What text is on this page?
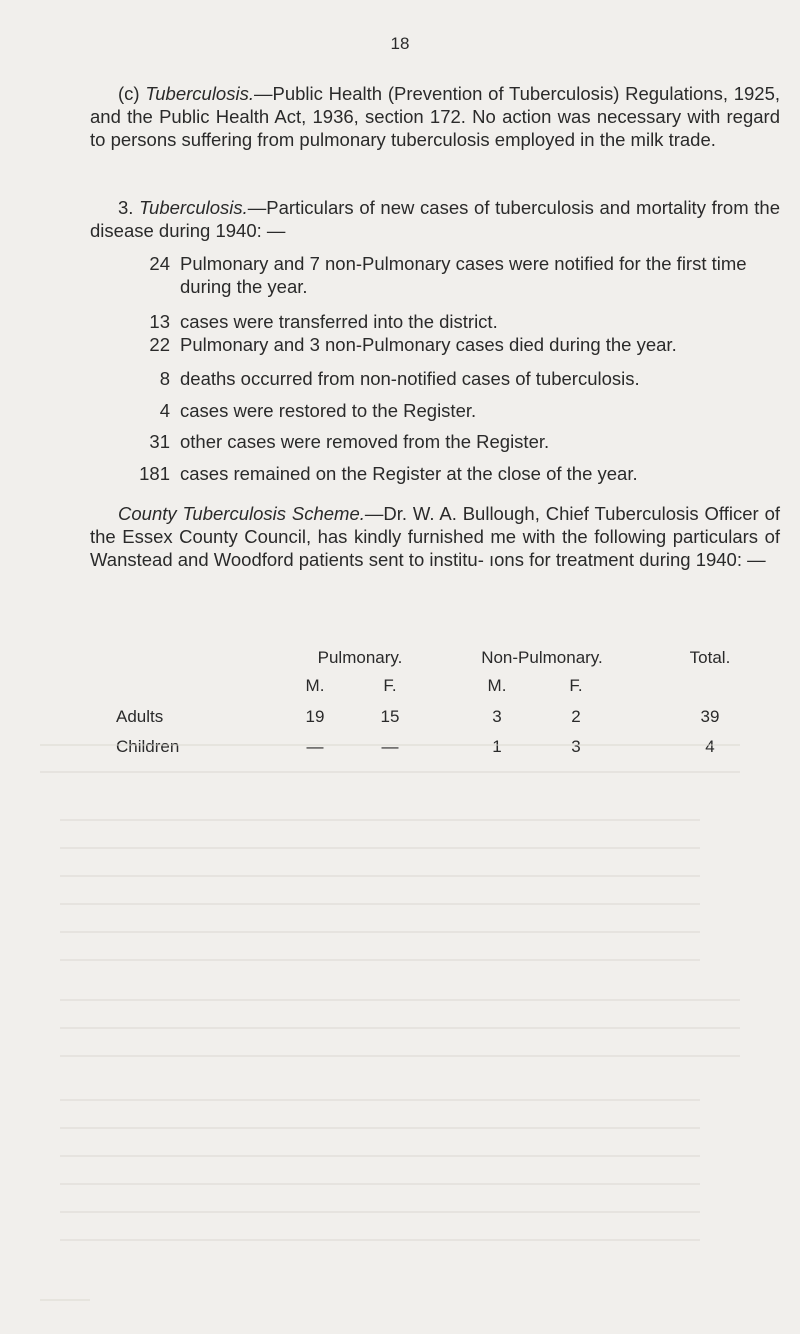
18

(c) Tuberculosis.—Public Health (Prevention of Tuberculosis) Regulations, 1925, and the Public Health Act, 1936, section 172. No action was necessary with regard to persons suffering from pulmonary tuberculosis employed in the milk trade.

3. Tuberculosis.—Particulars of new cases of tuberculosis and mortality from the disease during 1940: —

24 Pulmonary and 7 non-Pulmonary cases were notified for the first time during the year.
13 cases were transferred into the district.
22 Pulmonary and 3 non-Pulmonary cases died during the year.
8 deaths occurred from non-notified cases of tuberculosis.
4 cases were restored to the Register.
31 other cases were removed from the Register.
181 cases remained on the Register at the close of the year.

County Tuberculosis Scheme.—Dr. W. A. Bullough, Chief Tuberculosis Officer of the Essex County Council, has kindly furnished me with the following particulars of Wanstead and Woodford patients sent to institu- ıons for treatment during 1940: —

Pulmonary.	Non-Pulmonary.	Total.
M.	F.	M.	F.
Adults	19	15	3	2	39
Children	—	—	1	3	4
